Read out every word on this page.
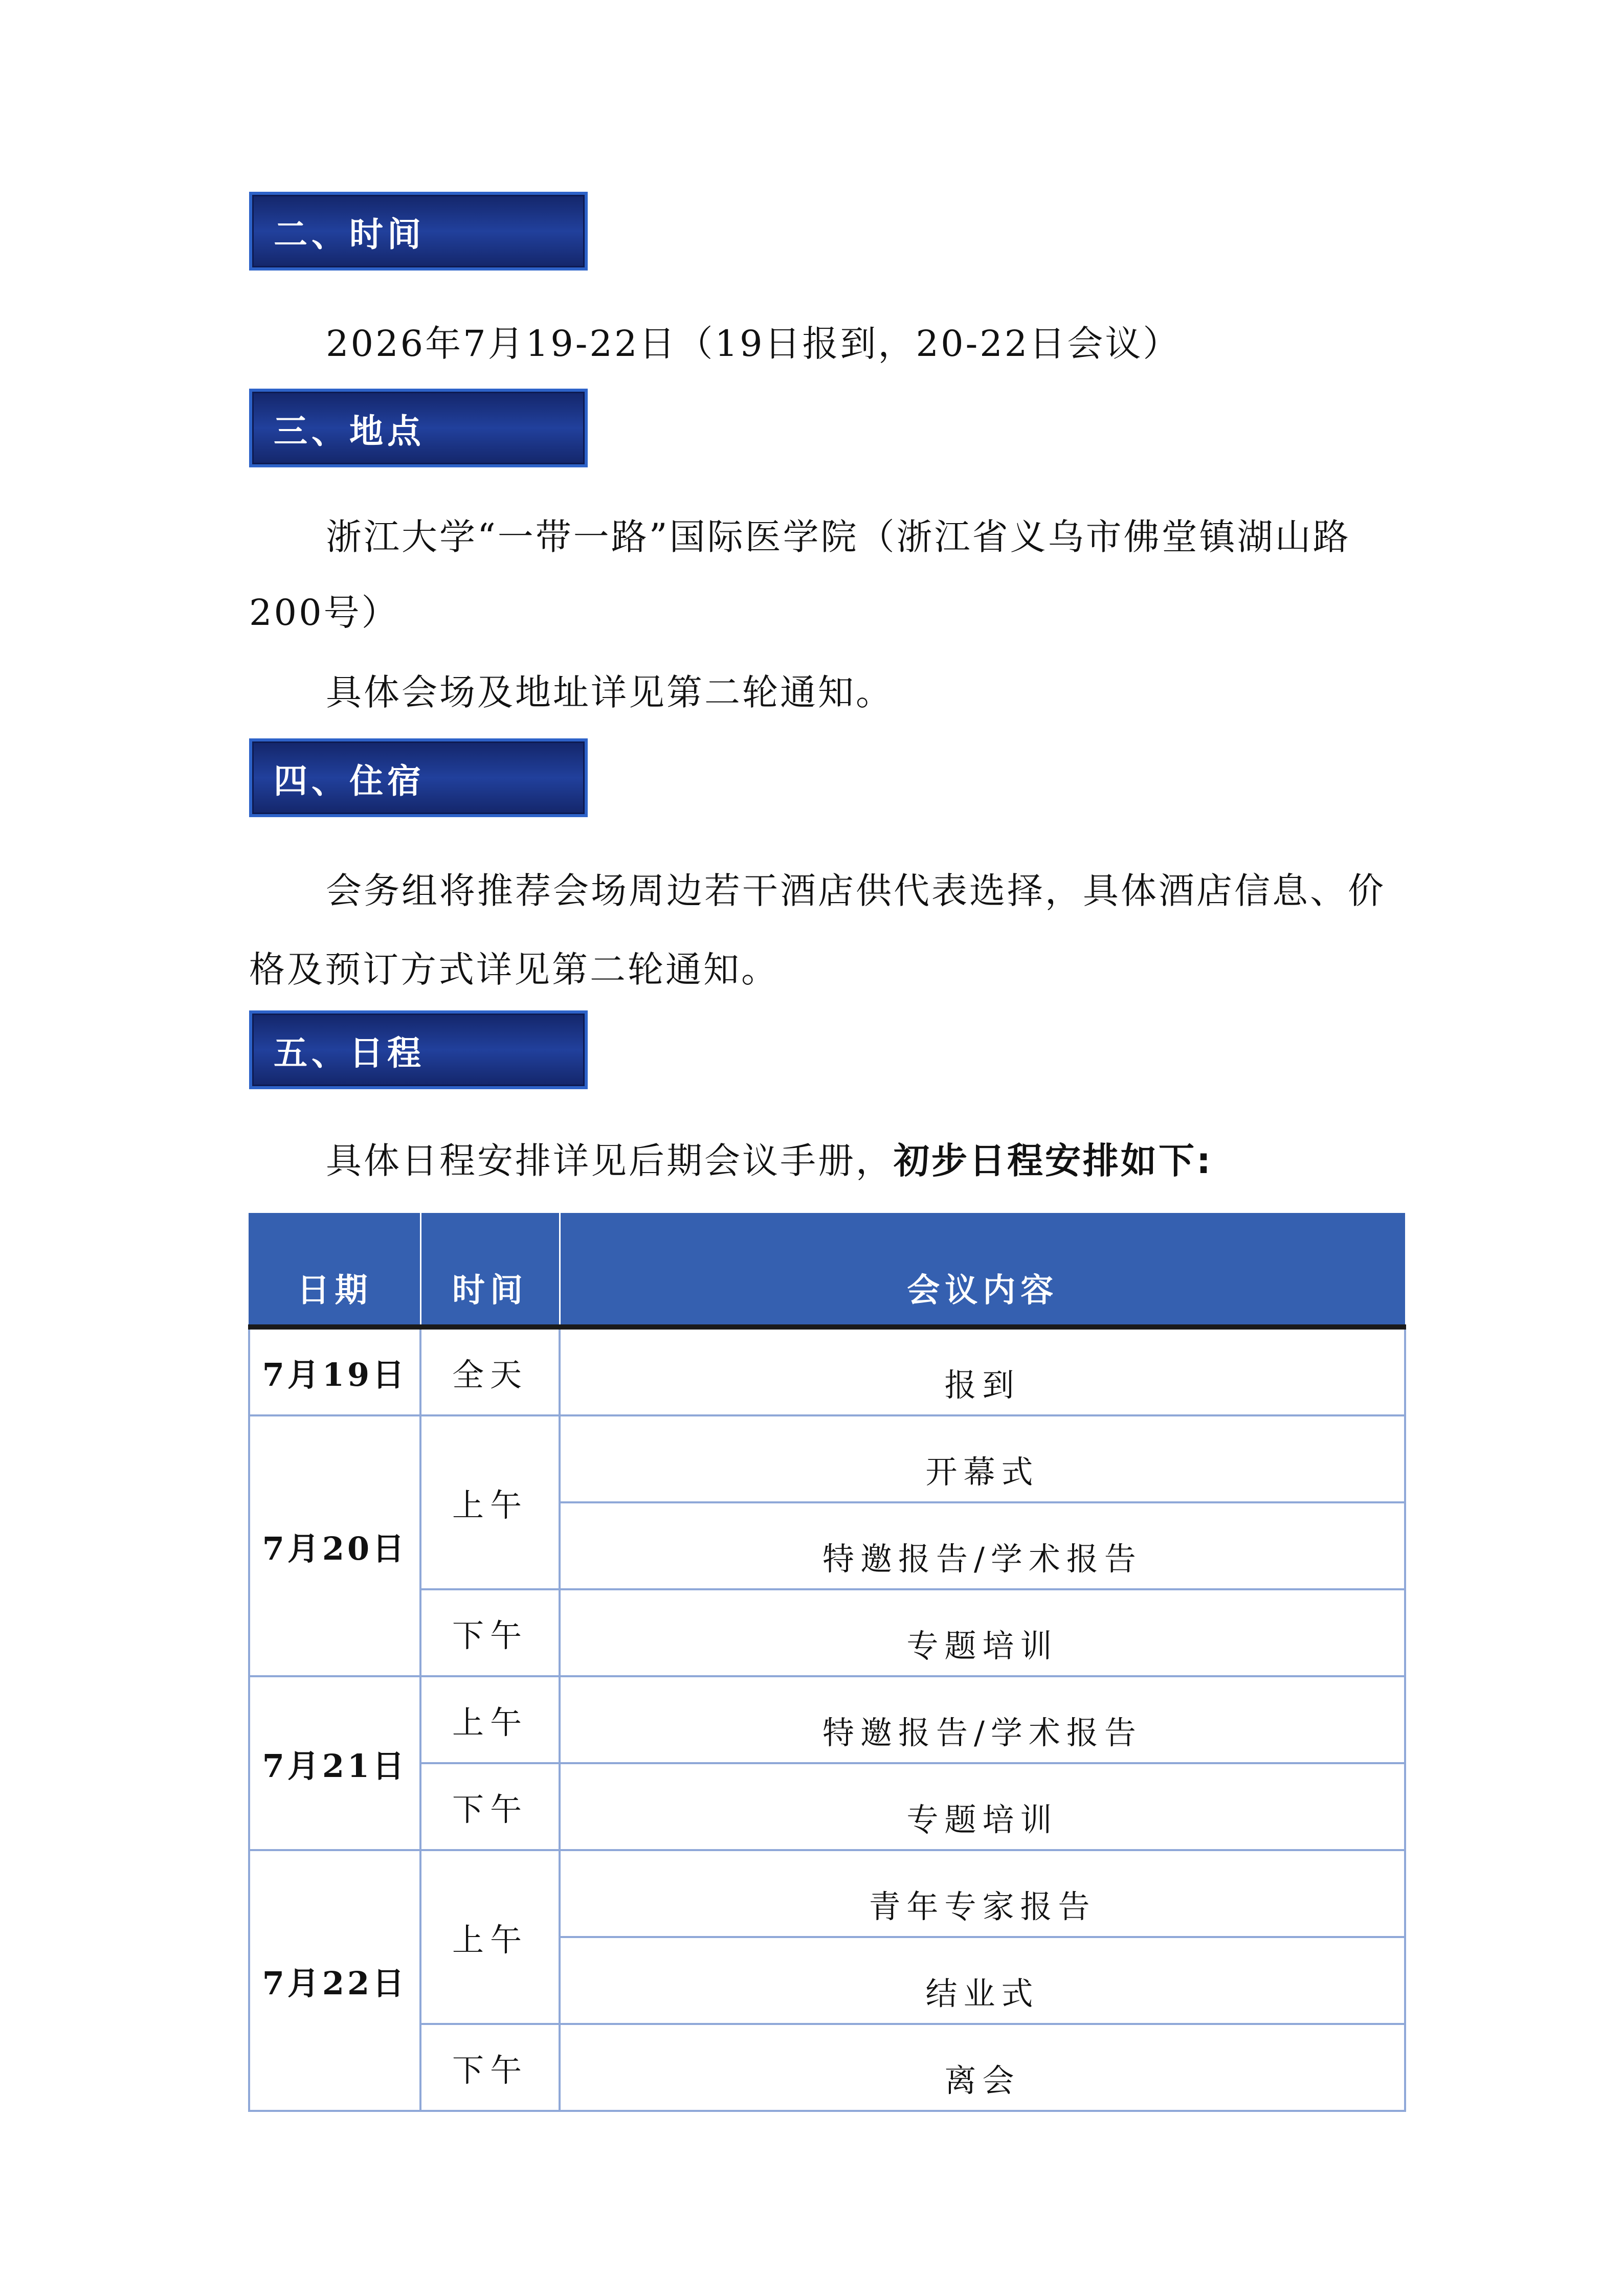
二、时间
2026年7月19-22日（19日报到，20-22日会议）
三、地点
浙江大学“一带一路”国际医学院（浙江省义乌市佛堂镇湖山路
200号）
具体会场及地址详见第二轮通知。
四、住宿
会务组将推荐会场周边若干酒店供代表选择，具体酒店信息、价
格及预订方式详见第二轮通知。
五、日程
具体日程安排详见后期会议手册，初步日程安排如下:
日期	时间	会议内容
7月19日	全天	报到
7月20日	上午	开幕式
		特邀报告/学术报告
	下午	专题培训
7月21日	上午	特邀报告/学术报告
	下午	专题培训
7月22日	上午	青年专家报告
		结业式
	下午	离会
